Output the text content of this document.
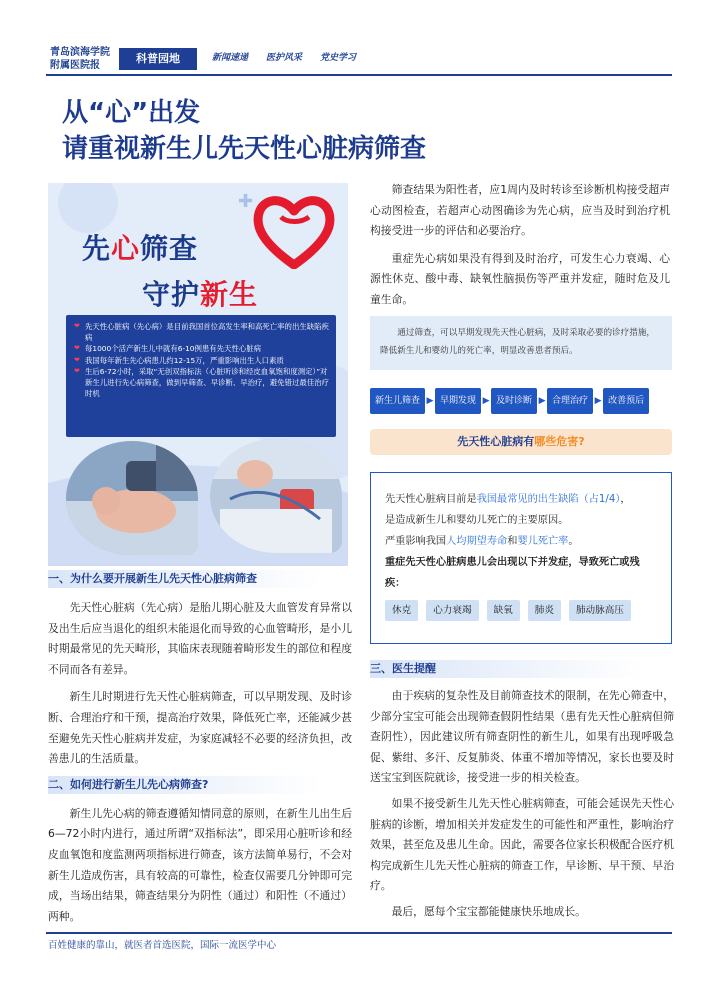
青岛滨海学院
附属医院报
科普园地	新闻速递 医护风采 党史学习
从“心”出发
请重视新生儿先天性心脏病筛查
✚
先心筛查
守护新生
❤ 先天性心脏病（先心病）是目前我国首位高发生率和高死亡率的出生缺陷疾病
❤ 每1000个活产新生儿中就有6-10例患有先天性心脏病
❤ 我国每年新生先心病患儿约12-15万，严重影响出生人口素质
❤ 生后6-72小时，采取“无创双指标法（心脏听诊和经皮血氧饱和度测定）”对新生儿进行先心病筛查，做到早筛查、早诊断、早治疗，避免错过最佳治疗时机
一、为什么要开展新生儿先天性心脏病筛查

先天性心脏病（先心病）是胎儿期心脏及大血管发育异常以及出生后应当退化的组织未能退化而导致的心血管畸形，是小儿时期最常见的先天畸形，其临床表现随着畸形发生的部位和程度不同而各有差异。

新生儿时期进行先天性心脏病筛查，可以早期发现、及时诊断、合理治疗和干预，提高治疗效果，降低死亡率，还能减少甚至避免先天性心脏病并发症，为家庭减轻不必要的经济负担，改善患儿的生活质量。

二、如何进行新生儿先心病筛查?

新生儿先心病的筛查遵循知情同意的原则，在新生儿出生后6—72小时内进行，通过所谓“双指标法”，即采用心脏听诊和经皮血氧饱和度监测两项指标进行筛查，该方法简单易行，不会对新生儿造成伤害，具有较高的可靠性，检查仅需要几分钟即可完成，当场出结果，筛查结果分为阴性（通过）和阳性（不通过）两种。

筛查结果为阳性者，应1周内及时转诊至诊断机构接受超声心动图检查，若超声心动图确诊为先心病，应当及时到治疗机构接受进一步的评估和必要治疗。

重症先心病如果没有得到及时治疗，可发生心力衰竭、心源性休克、酸中毒、缺氧性脑损伤等严重并发症，随时危及儿童生命。

通过筛查，可以早期发现先天性心脏病，及时采取必要的诊疗措施，降低新生儿和婴幼儿的死亡率，明显改善患者预后。

新生儿筛查 ▶ 早期发现 ▶ 及时诊断 ▶ 合理治疗 ▶ 改善预后
先天性心脏病有哪些危害?
先天性心脏病目前是我国最常见的出生缺陷（占1/4），
是造成新生儿和婴幼儿死亡的主要原因。
严重影响我国人均期望寿命和婴儿死亡率。
重症先天性心脏病患儿会出现以下并发症，导致死亡或残疾：
休克	心力衰竭	缺氧	肺炎	肺动脉高压
三、医生提醒

由于疾病的复杂性及目前筛查技术的限制，在先心筛查中，少部分宝宝可能会出现筛查假阴性结果（患有先天性心脏病但筛查阴性），因此建议所有筛查阴性的新生儿，如果有出现呼吸急促、紫绀、多汗、反复肺炎、体重不增加等情况，家长也要及时送宝宝到医院就诊，接受进一步的相关检查。

如果不接受新生儿先天性心脏病筛查，可能会延误先天性心脏病的诊断，增加相关并发症发生的可能性和严重性，影响治疗效果，甚至危及患儿生命。因此，需要各位家长积极配合医疗机构完成新生儿先天性心脏病的筛查工作，早诊断、早干预、早治疗。

最后，愿每个宝宝都能健康快乐地成长。

百姓健康的靠山，就医者首选医院，国际一流医学中心
